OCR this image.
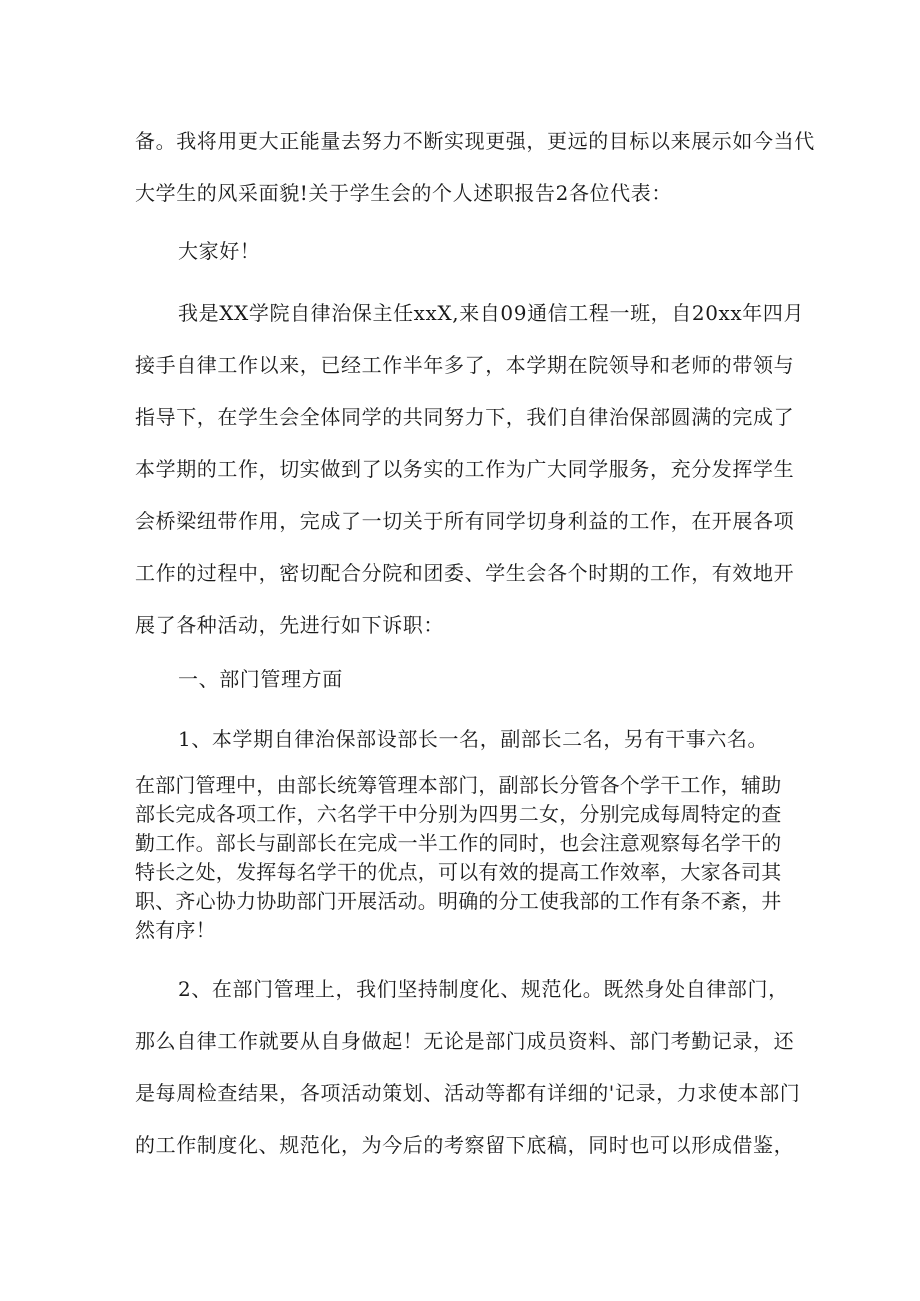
备。我将用更大正能量去努力不断实现更强，更远的目标以来展示如今当代
大学生的风采面貌!关于学生会的个人述职报告2各位代表：
大家好！
我是XX学院自律治保主任xxX,来自09通信工程一班，自20xx年四月
接手自律工作以来，已经工作半年多了，本学期在院领导和老师的带领与
指导下，在学生会全体同学的共同努力下，我们自律治保部圆满的完成了
本学期的工作，切实做到了以务实的工作为广大同学服务，充分发挥学生
会桥梁纽带作用，完成了一切关于所有同学切身利益的工作，在开展各项
工作的过程中，密切配合分院和团委、学生会各个时期的工作，有效地开
展了各种活动，先进行如下诉职：
一、部门管理方面
1、本学期自律治保部设部长一名，副部长二名，另有干事六名。
在部门管理中，由部长统筹管理本部门，副部长分管各个学干工作，辅助
部长完成各项工作，六名学干中分别为四男二女，分别完成每周特定的查
勤工作。部长与副部长在完成一半工作的同时，也会注意观察每名学干的
特长之处，发挥每名学干的优点，可以有效的提高工作效率，大家各司其
职、齐心协力协助部门开展活动。明确的分工使我部的工作有条不紊，井
然有序！
2、在部门管理上，我们坚持制度化、规范化。既然身处自律部门，
那么自律工作就要从自身做起！无论是部门成员资料、部门考勤记录，还
是每周检查结果，各项活动策划、活动等都有详细的'记录，力求使本部门
的工作制度化、规范化，为今后的考察留下底稿，同时也可以形成借鉴，
